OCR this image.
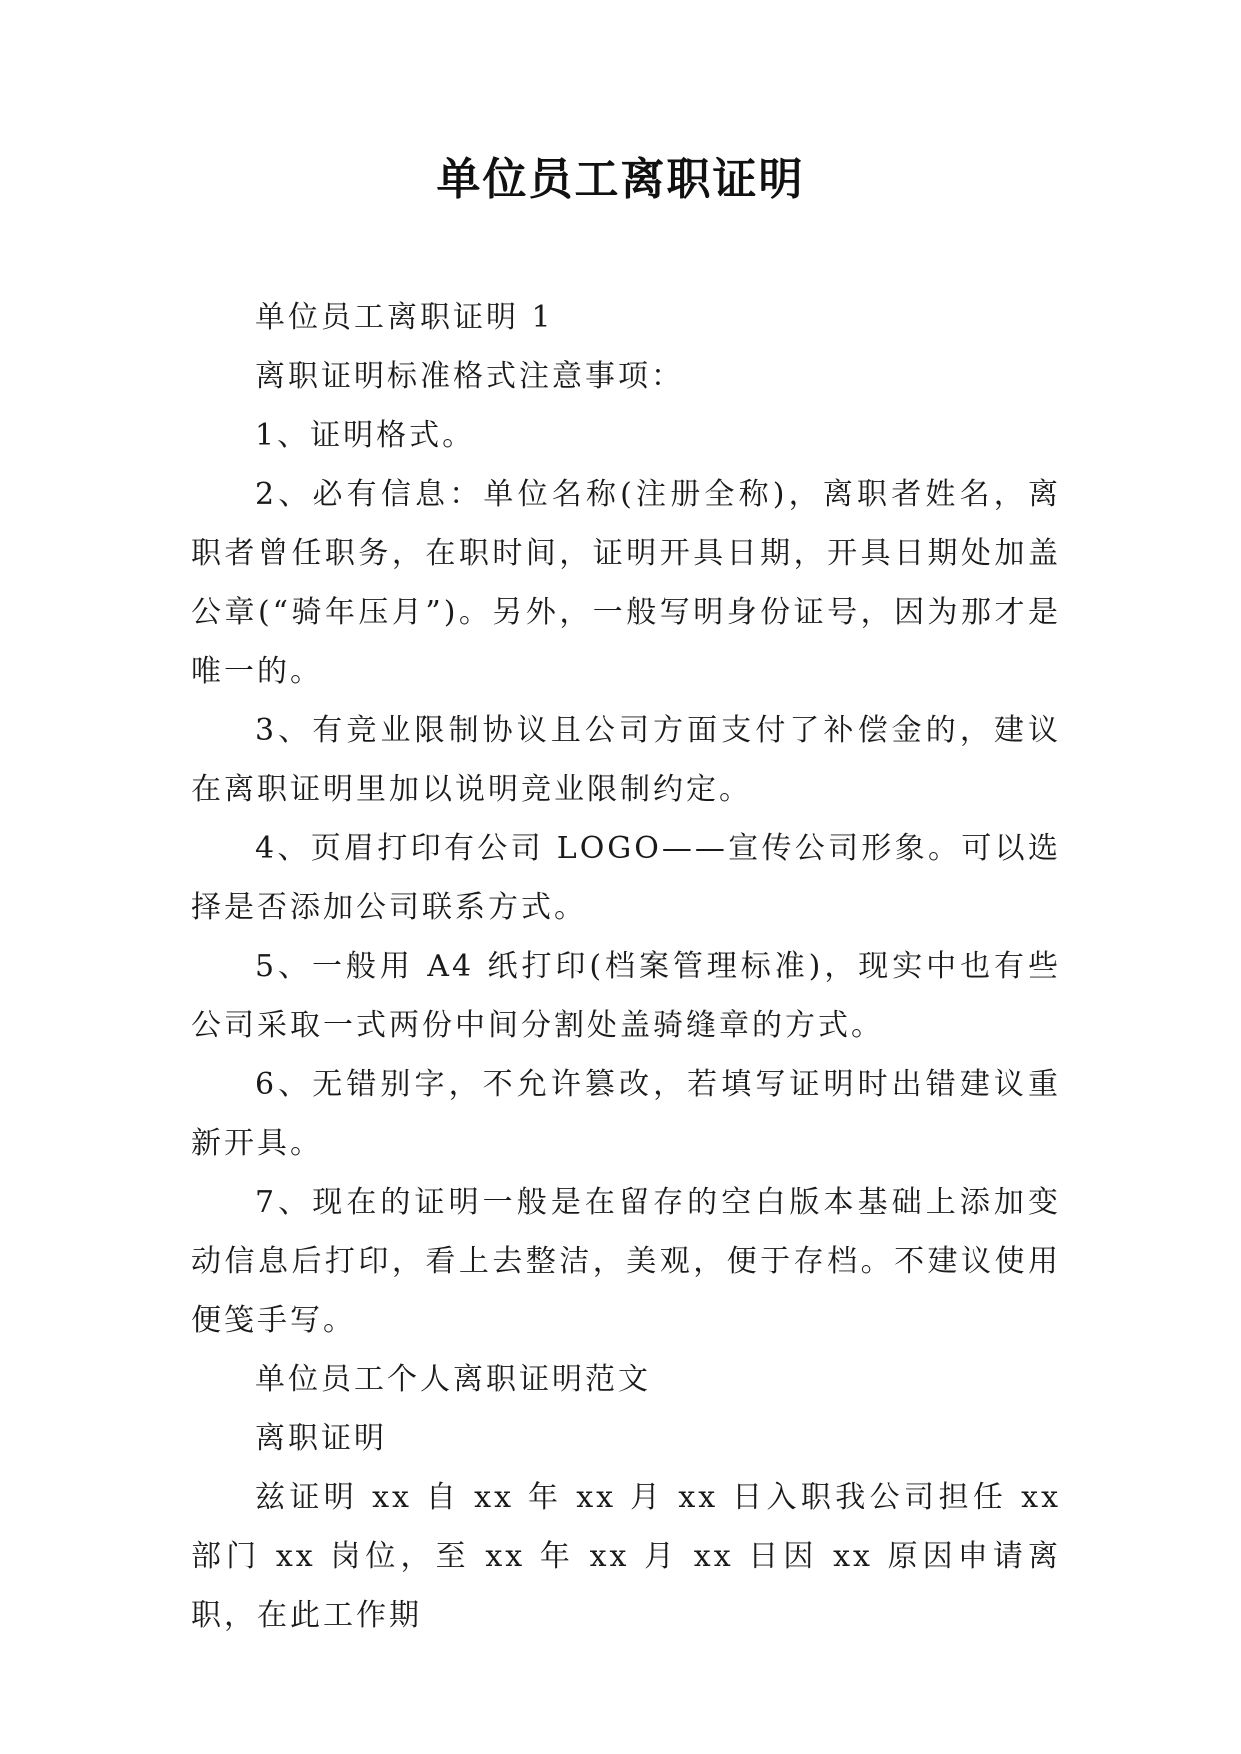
单位员工离职证明

单位员工离职证明 1

离职证明标准格式注意事项：

1、证明格式。

2、必有信息：单位名称(注册全称)，离职者姓名，离职者曾任职务，在职时间，证明开具日期，开具日期处加盖公章(“骑年压月”)。另外，一般写明身份证号，因为那才是唯一的。

3、有竞业限制协议且公司方面支付了补偿金的，建议在离职证明里加以说明竞业限制约定。

4、页眉打印有公司 LOGO——宣传公司形象。可以选择是否添加公司联系方式。

5、一般用 A4 纸打印(档案管理标准)，现实中也有些公司采取一式两份中间分割处盖骑缝章的方式。

6、无错别字，不允许篡改，若填写证明时出错建议重新开具。

7、现在的证明一般是在留存的空白版本基础上添加变动信息后打印，看上去整洁，美观，便于存档。不建议使用便笺手写。

单位员工个人离职证明范文

离职证明

兹证明 xx 自 xx 年 xx 月 xx 日入职我公司担任 xx 部门 xx 岗位，至 xx 年 xx 月 xx 日因 xx 原因申请离职，在此工作期
